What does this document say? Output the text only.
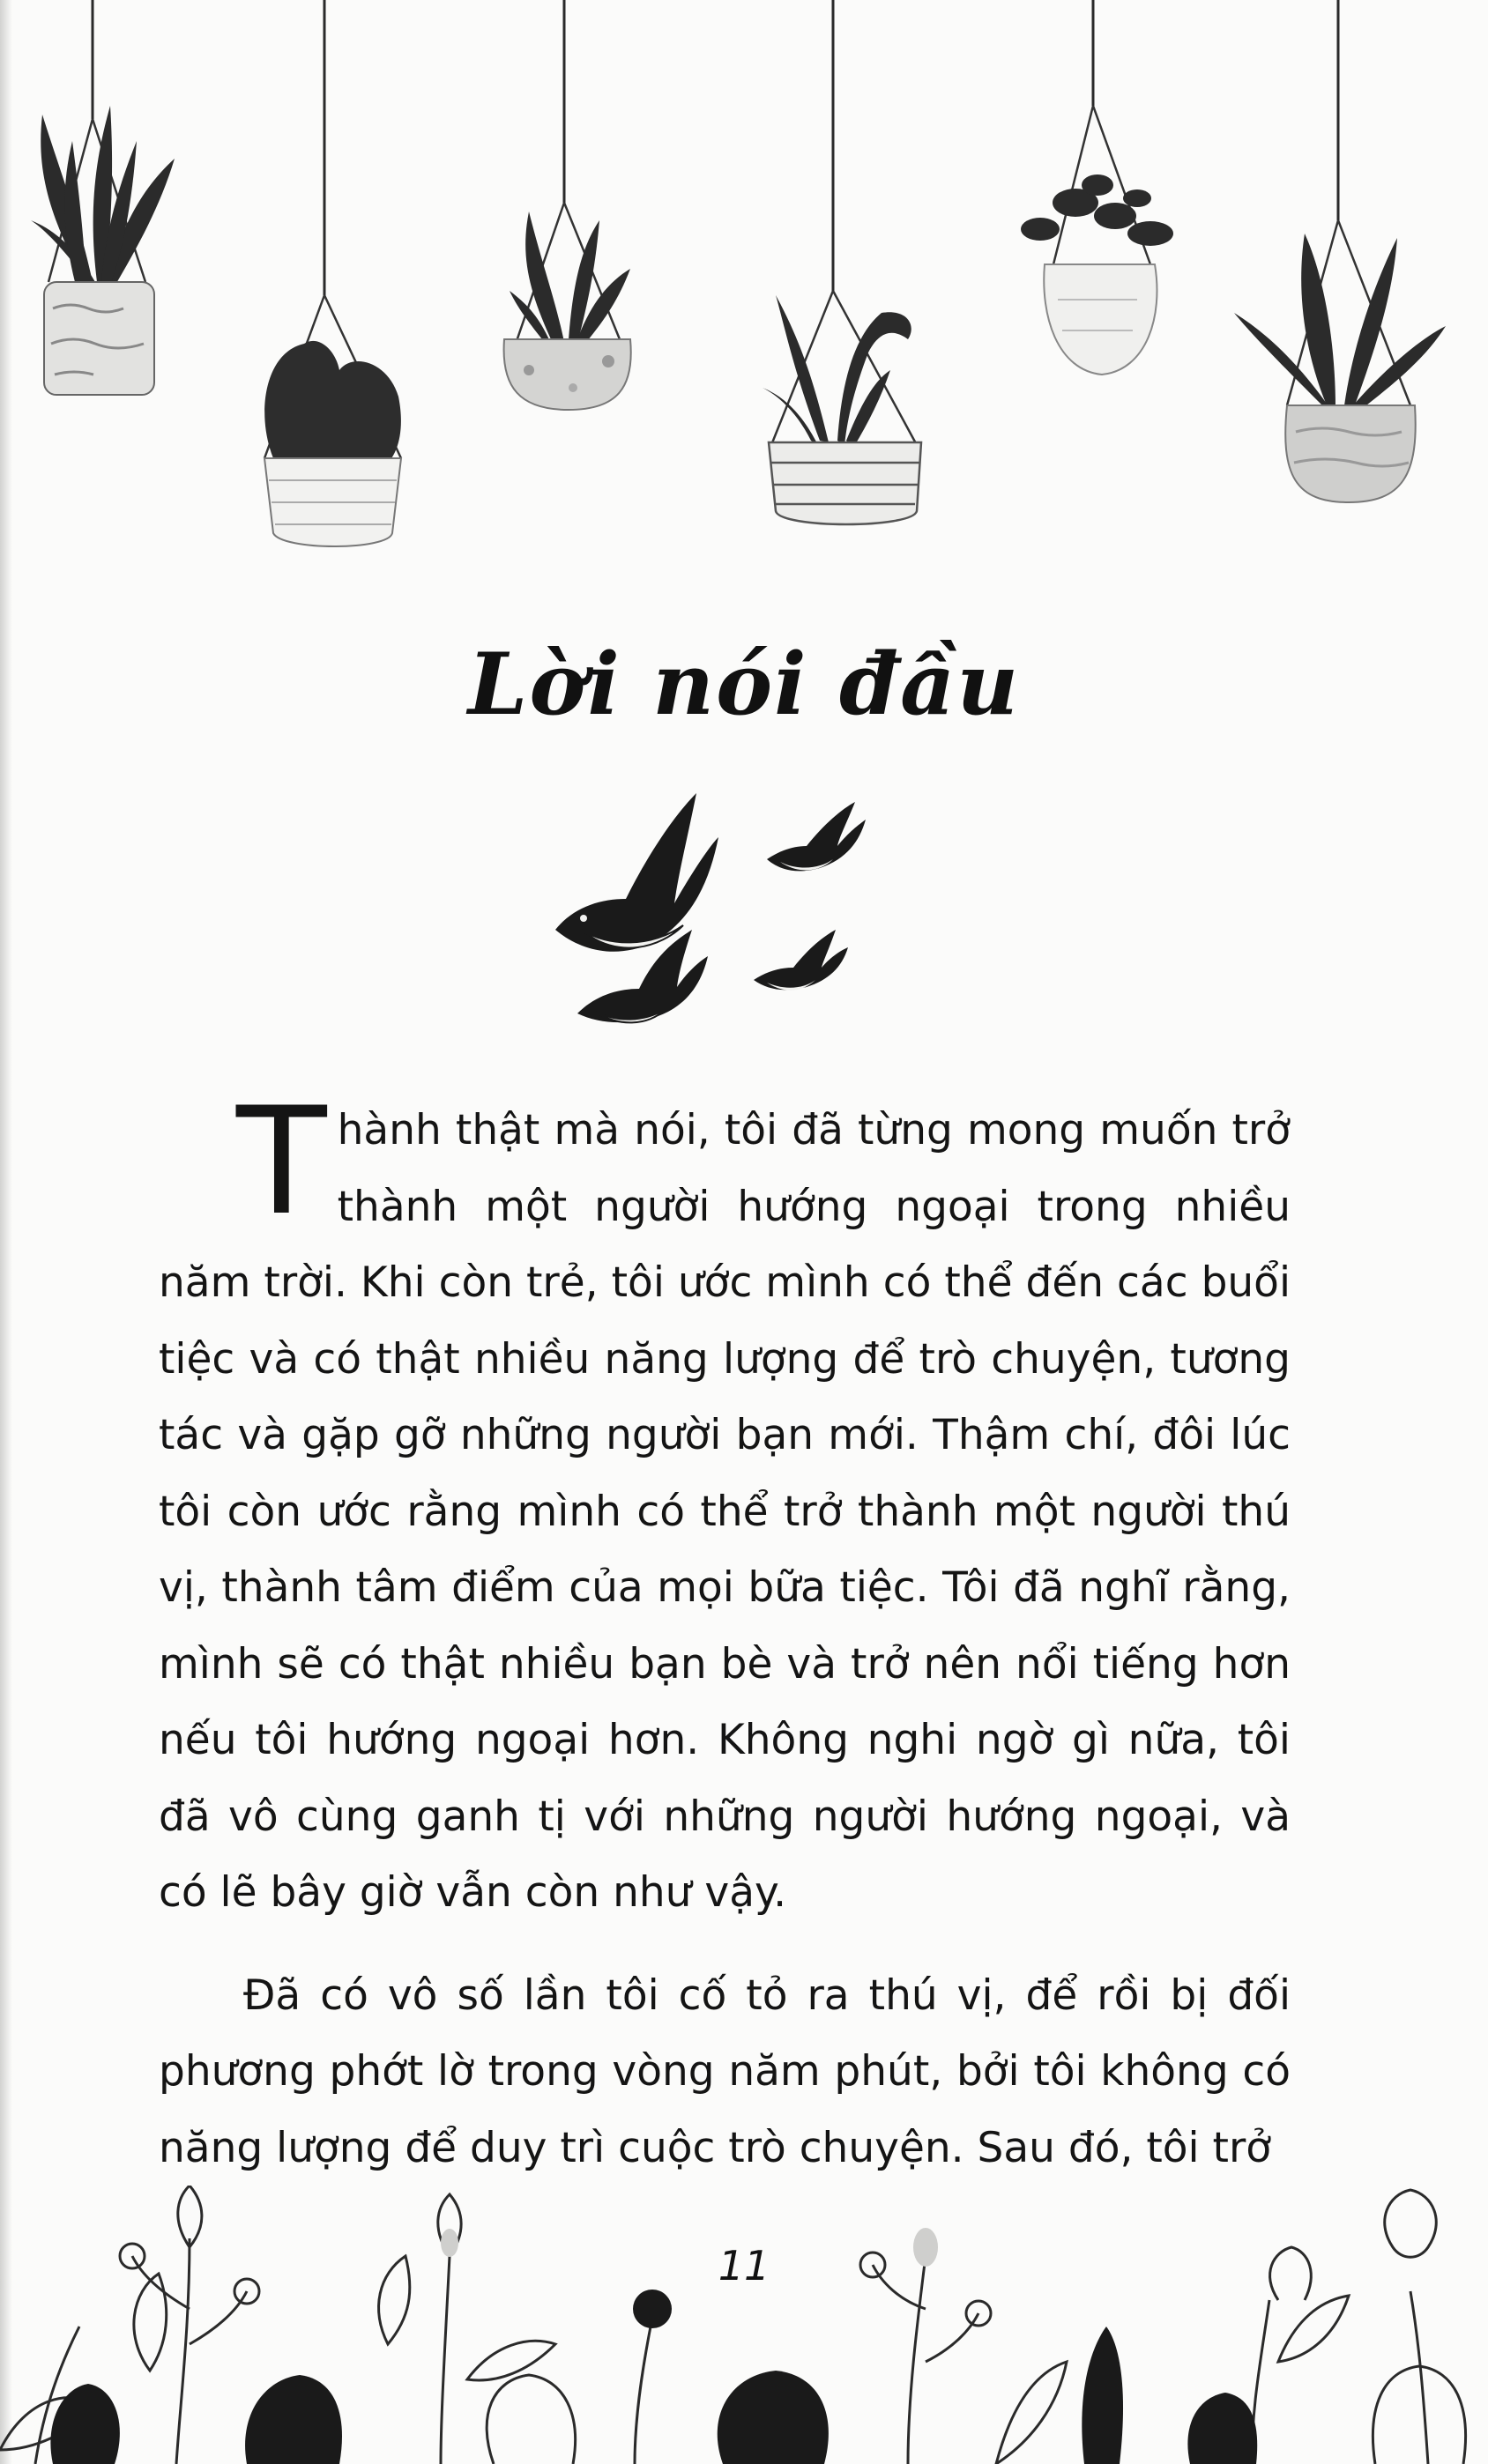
Lời nói đầu

Thành thật mà nói, tôi đã từng mong muốn trở thành một người hướng ngoại trong nhiều năm trời. Khi còn trẻ, tôi ước mình có thể đến các buổi tiệc và có thật nhiều năng lượng để trò chuyện, tương tác và gặp gỡ những người bạn mới. Thậm chí, đôi lúc tôi còn ước rằng mình có thể trở thành một người thú vị, thành tâm điểm của mọi bữa tiệc. Tôi đã nghĩ rằng, mình sẽ có thật nhiều bạn bè và trở nên nổi tiếng hơn nếu tôi hướng ngoại hơn. Không nghi ngờ gì nữa, tôi đã vô cùng ganh tị với những người hướng ngoại, và có lẽ bây giờ vẫn còn như vậy.

Đã có vô số lần tôi cố tỏ ra thú vị, để rồi bị đối phương phớt lờ trong vòng năm phút, bởi tôi không có năng lượng để duy trì cuộc trò chuyện. Sau đó, tôi trở

11
